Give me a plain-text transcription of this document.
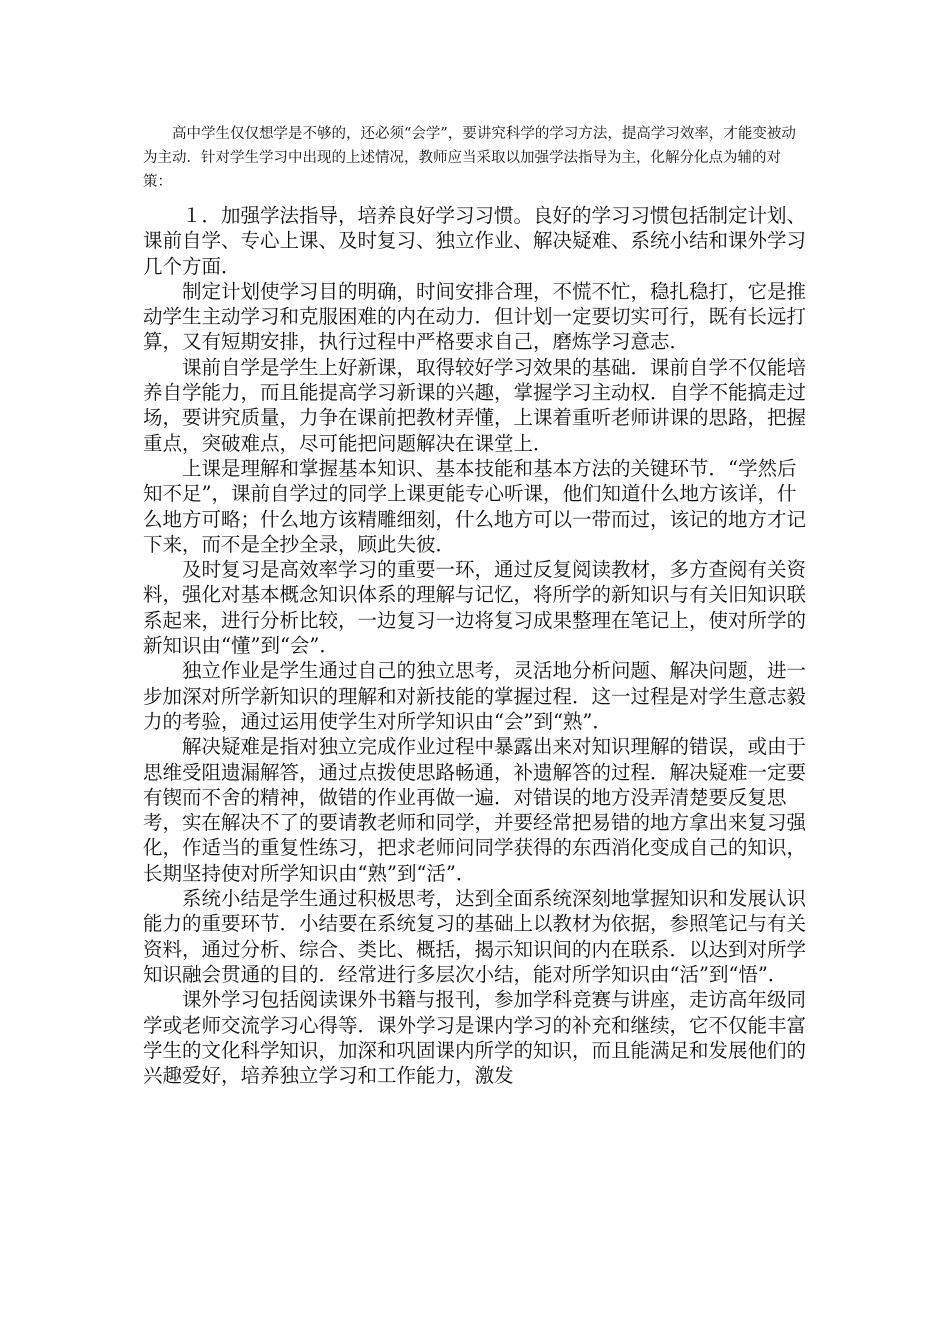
高中学生仅仅想学是不够的，还必须“会学”，要讲究科学的学习方法，提高学习效率，才能变被动为主动．针对学生学习中出现的上述情况，教师应当采取以加强学法指导为主，化解分化点为辅的对策：

１．加强学法指导，培养良好学习习惯。良好的学习习惯包括制定计划、课前自学、专心上课、及时复习、独立作业、解决疑难、系统小结和课外学习几个方面．

制定计划使学习目的明确，时间安排合理，不慌不忙，稳扎稳打，它是推动学生主动学习和克服困难的内在动力．但计划一定要切实可行，既有长远打算，又有短期安排，执行过程中严格要求自己，磨炼学习意志．

课前自学是学生上好新课，取得较好学习效果的基础．课前自学不仅能培养自学能力，而且能提高学习新课的兴趣，掌握学习主动权．自学不能搞走过场，要讲究质量，力争在课前把教材弄懂，上课着重听老师讲课的思路，把握重点，突破难点，尽可能把问题解决在课堂上．

上课是理解和掌握基本知识、基本技能和基本方法的关键环节．“学然后知不足”，课前自学过的同学上课更能专心听课，他们知道什么地方该详，什么地方可略；什么地方该精雕细刻，什么地方可以一带而过，该记的地方才记下来，而不是全抄全录，顾此失彼．

及时复习是高效率学习的重要一环，通过反复阅读教材，多方查阅有关资料，强化对基本概念知识体系的理解与记忆，将所学的新知识与有关旧知识联系起来，进行分析比较，一边复习一边将复习成果整理在笔记上，使对所学的新知识由“懂”到“会”．

独立作业是学生通过自己的独立思考，灵活地分析问题、解决问题，进一步加深对所学新知识的理解和对新技能的掌握过程．这一过程是对学生意志毅力的考验，通过运用使学生对所学知识由“会”到“熟”．

解决疑难是指对独立完成作业过程中暴露出来对知识理解的错误，或由于思维受阻遗漏解答，通过点拨使思路畅通，补遗解答的过程．解决疑难一定要有锲而不舍的精神，做错的作业再做一遍．对错误的地方没弄清楚要反复思考，实在解决不了的要请教老师和同学，并要经常把易错的地方拿出来复习强化，作适当的重复性练习，把求老师问同学获得的东西消化变成自己的知识，长期坚持使对所学知识由“熟”到“活”．

系统小结是学生通过积极思考，达到全面系统深刻地掌握知识和发展认识能力的重要环节．小结要在系统复习的基础上以教材为依据，参照笔记与有关资料，通过分析、综合、类比、概括，揭示知识间的内在联系．以达到对所学知识融会贯通的目的．经常进行多层次小结，能对所学知识由“活”到“悟”．

课外学习包括阅读课外书籍与报刊，参加学科竞赛与讲座，走访高年级同学或老师交流学习心得等．课外学习是课内学习的补充和继续，它不仅能丰富学生的文化科学知识，加深和巩固课内所学的知识，而且能满足和发展他们的兴趣爱好，培养独立学习和工作能力，激发
